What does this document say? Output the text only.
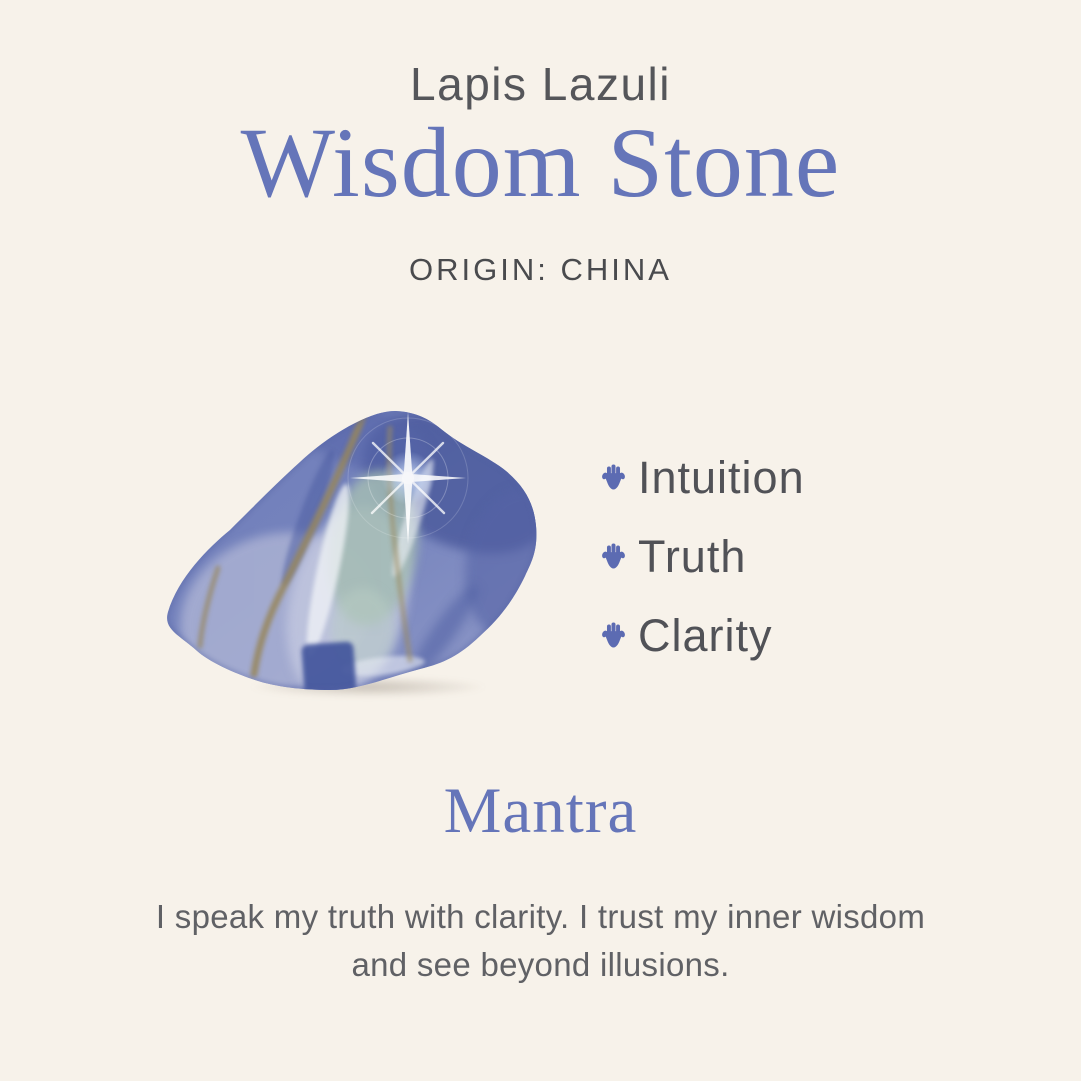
Lapis Lazuli
Wisdom Stone
ORIGIN: CHINA
Intuition
Truth
Clarity
Mantra

I speak my truth with clarity. I trust my inner wisdom
and see beyond illusions.
